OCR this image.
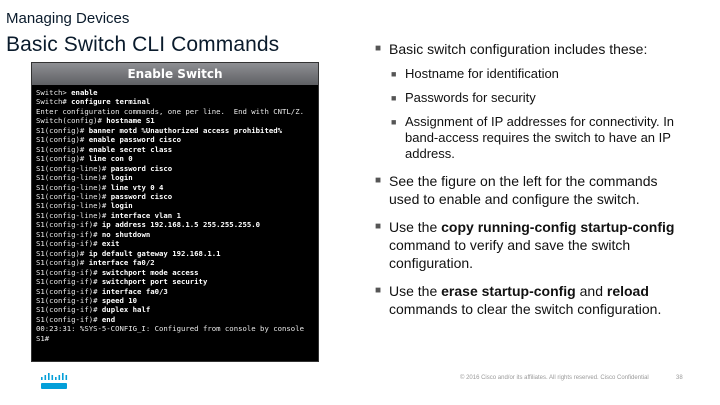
Managing Devices
Basic Switch CLI Commands
Enable Switch
Switch> enable
Switch# configure terminal
Enter configuration commands, one per line.  End with CNTL/Z.
Switch(config)# hostname S1
S1(config)# banner motd %Unauthorized access prohibited%
S1(config)# enable password cisco
S1(config)# enable secret class
S1(config)# line con 0
S1(config-line)# password cisco
S1(config-line)# login
S1(config-line)# line vty 0 4
S1(config-line)# password cisco
S1(config-line)# login
S1(config-line)# interface vlan 1
S1(config-if)# ip address 192.168.1.5 255.255.255.0
S1(config-if)# no shutdown
S1(config-if)# exit
S1(config)# ip default gateway 192.168.1.1
S1(config)# interface fa0/2
S1(config-if)# switchport mode access
S1(config-if)# switchport port security
S1(config-if)# interface fa0/3
S1(config-if)# speed 10
S1(config-if)# duplex half
S1(config-if)# end
00:23:31: %SYS-5-CONFIG_I: Configured from console by console
S1#
■ Basic switch configuration includes these:
■ Hostname for identification
■ Passwords for security
■ Assignment of IP addresses for connectivity. In band-access requires the switch to have an IP address.
■ See the figure on the left for the commands used to enable and configure the switch.
■ Use the copy running-config startup-config command to verify and save the switch configuration.
■ Use the erase startup-config and reload commands to clear the switch configuration.
© 2016 Cisco and/or its affiliates. All rights reserved. Cisco Confidential	38
